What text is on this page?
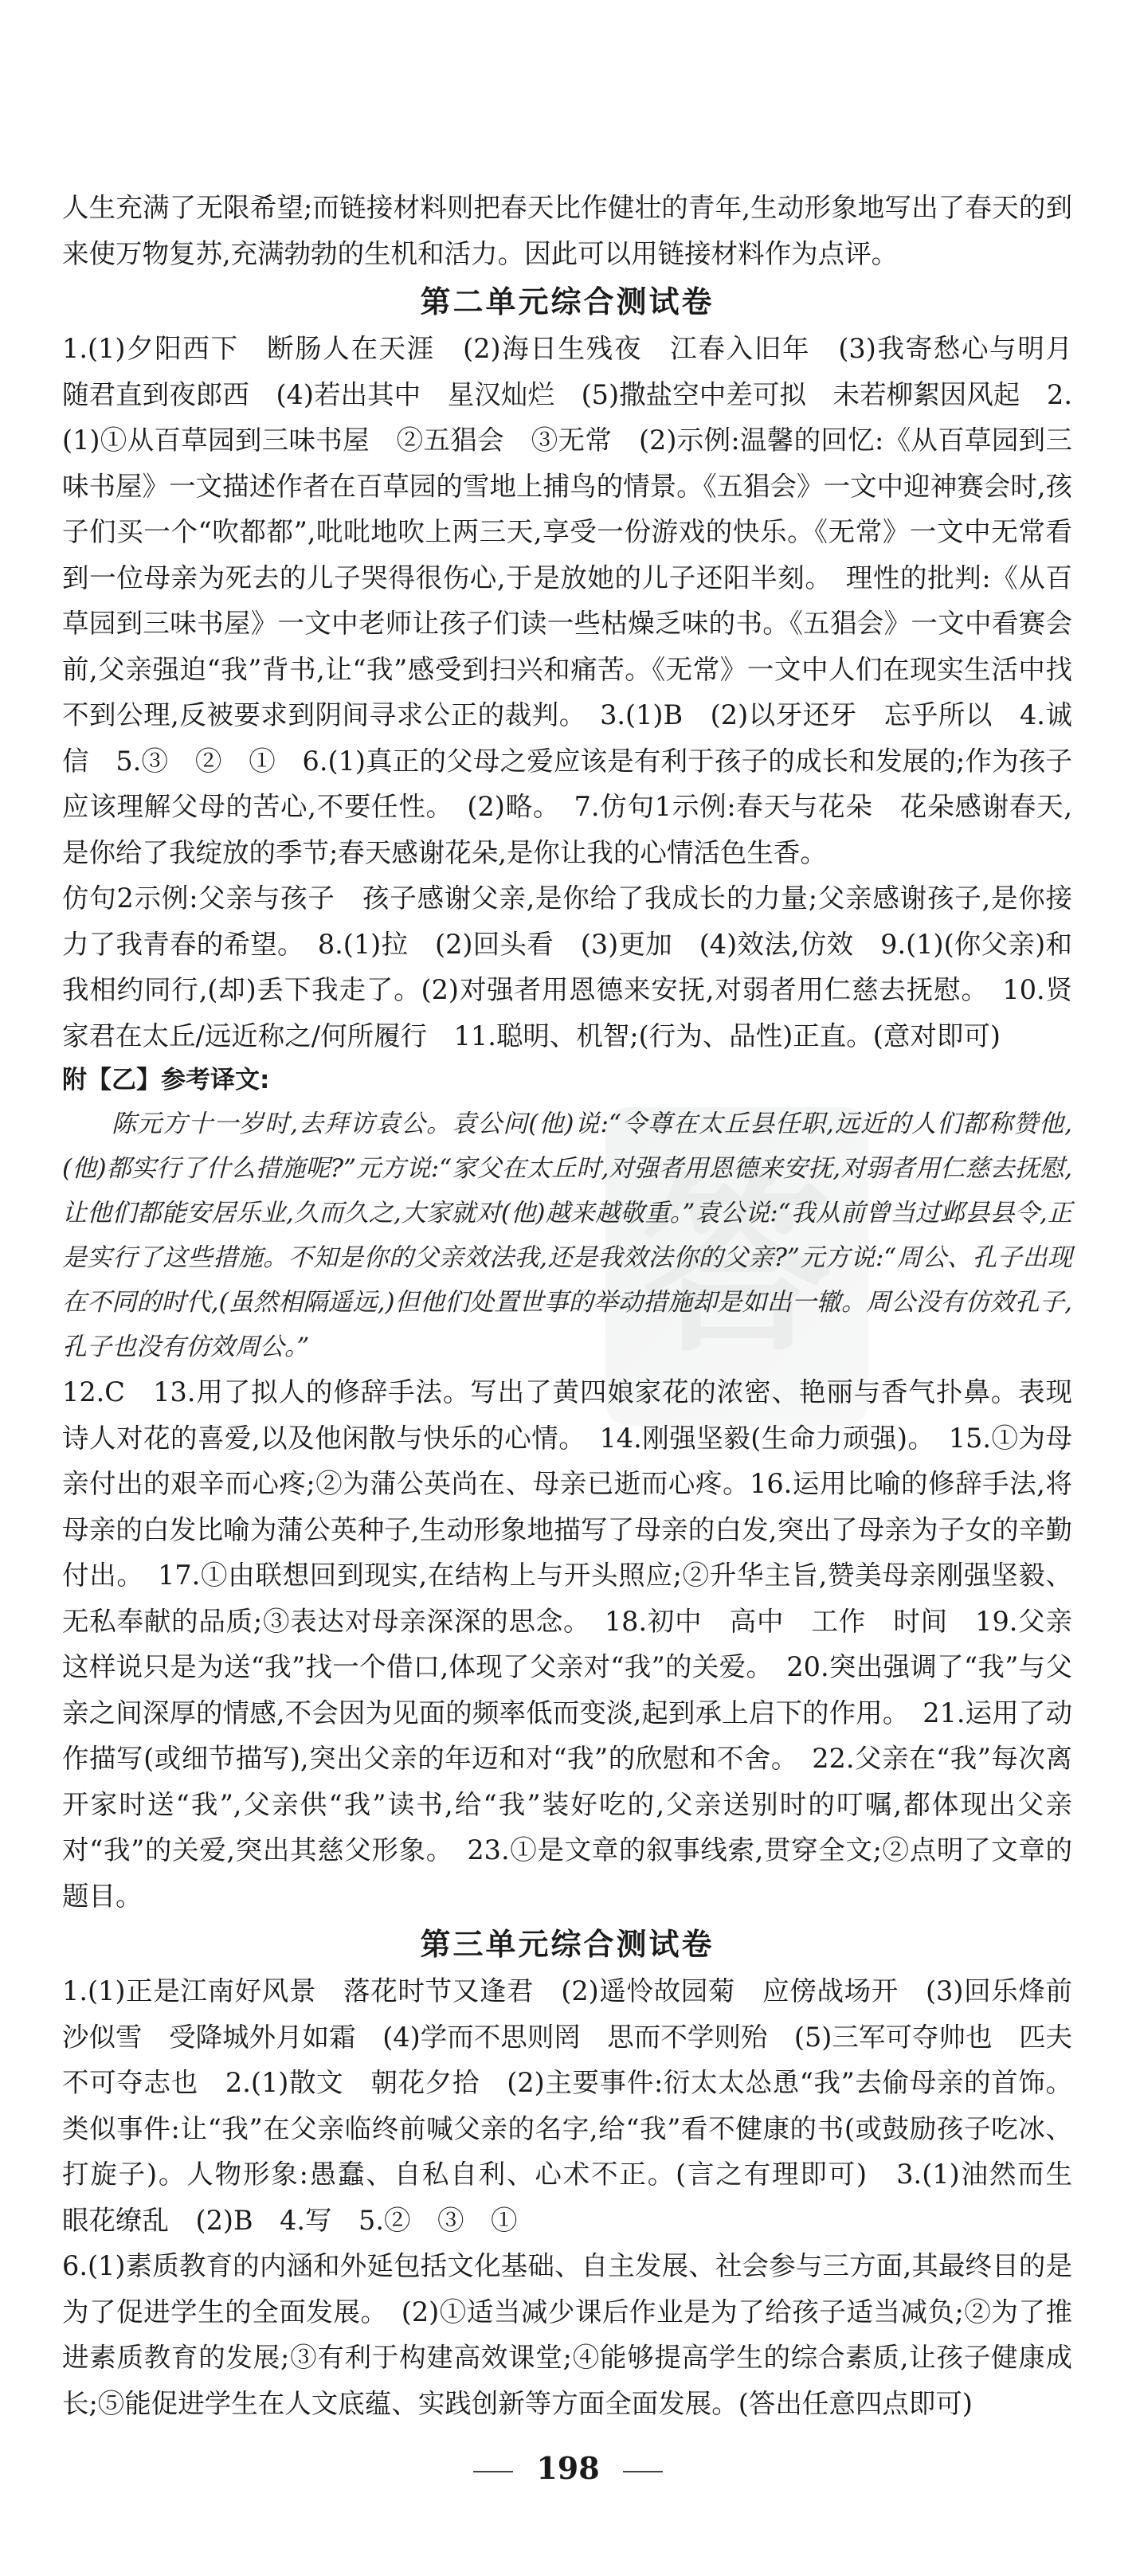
答

人生充满了无限希望;而链接材料则把春天比作健壮的青年,生动形象地写出了春天的到来使万物复苏,充满勃勃的生机和活力。因此可以用链接材料作为点评。

第二单元综合测试卷

1.(1)夕阳西下　断肠人在天涯　(2)海日生残夜　江春入旧年　(3)我寄愁心与明月　随君直到夜郎西　(4)若出其中　星汉灿烂　(5)撒盐空中差可拟　未若柳絮因风起　2.(1)①从百草园到三味书屋　②五猖会　③无常　(2)示例:温馨的回忆:《从百草园到三味书屋》一文描述作者在百草园的雪地上捕鸟的情景。《五猖会》一文中迎神赛会时,孩子们买一个“吹都都”,吡吡地吹上两三天,享受一份游戏的快乐。《无常》一文中无常看到一位母亲为死去的儿子哭得很伤心,于是放她的儿子还阳半刻。　理性的批判:《从百草园到三味书屋》一文中老师让孩子们读一些枯燥乏味的书。《五猖会》一文中看赛会前,父亲强迫“我”背书,让“我”感受到扫兴和痛苦。《无常》一文中人们在现实生活中找不到公理,反被要求到阴间寻求公正的裁判。　3.(1)B　(2)以牙还牙　忘乎所以　4.诚信　5.③　②　①　6.(1)真正的父母之爱应该是有利于孩子的成长和发展的;作为孩子应该理解父母的苦心,不要任性。　(2)略。　7.仿句1示例:春天与花朵　花朵感谢春天,是你给了我绽放的季节;春天感谢花朵,是你让我的心情活色生香。

仿句2示例:父亲与孩子　孩子感谢父亲,是你给了我成长的力量;父亲感谢孩子,是你接力了我青春的希望。　8.(1)拉　(2)回头看　(3)更加　(4)效法,仿效　9.(1)(你父亲)和我相约同行,(却)丢下我走了。(2)对强者用恩德来安抚,对弱者用仁慈去抚慰。　10.贤家君在太丘/远近称之/何所履行　11.聪明、机智;(行为、品性)正直。(意对即可)

附【乙】参考译文:

陈元方十一岁时,去拜访袁公。袁公问(他)说:“令尊在太丘县任职,远近的人们都称赞他,(他)都实行了什么措施呢?”元方说:“家父在太丘时,对强者用恩德来安抚,对弱者用仁慈去抚慰,让他们都能安居乐业,久而久之,大家就对(他)越来越敬重。”袁公说:“我从前曾当过邺县县令,正是实行了这些措施。不知是你的父亲效法我,还是我效法你的父亲?”元方说:“周公、孔子出现在不同的时代,(虽然相隔遥远,)但他们处置世事的举动措施却是如出一辙。周公没有仿效孔子,孔子也没有仿效周公。”

12.C　13.用了拟人的修辞手法。写出了黄四娘家花的浓密、艳丽与香气扑鼻。表现诗人对花的喜爱,以及他闲散与快乐的心情。　14.刚强坚毅(生命力顽强)。　15.①为母亲付出的艰辛而心疼;②为蒲公英尚在、母亲已逝而心疼。16.运用比喻的修辞手法,将母亲的白发比喻为蒲公英种子,生动形象地描写了母亲的白发,突出了母亲为子女的辛勤付出。　17.①由联想回到现实,在结构上与开头照应;②升华主旨,赞美母亲刚强坚毅、无私奉献的品质;③表达对母亲深深的思念。　18.初中　高中　工作　时间　19.父亲这样说只是为送“我”找一个借口,体现了父亲对“我”的关爱。　20.突出强调了“我”与父亲之间深厚的情感,不会因为见面的频率低而变淡,起到承上启下的作用。　21.运用了动作描写(或细节描写),突出父亲的年迈和对“我”的欣慰和不舍。　22.父亲在“我”每次离开家时送“我”,父亲供“我”读书,给“我”装好吃的,父亲送别时的叮嘱,都体现出父亲对“我”的关爱,突出其慈父形象。　23.①是文章的叙事线索,贯穿全文;②点明了文章的题目。

第三单元综合测试卷

1.(1)正是江南好风景　落花时节又逢君　(2)遥怜故园菊　应傍战场开　(3)回乐烽前沙似雪　受降城外月如霜　(4)学而不思则罔　思而不学则殆　(5)三军可夺帅也　匹夫不可夺志也　2.(1)散文　朝花夕拾　(2)主要事件:衍太太怂恿“我”去偷母亲的首饰。类似事件:让“我”在父亲临终前喊父亲的名字,给“我”看不健康的书(或鼓励孩子吃冰、打旋子)。人物形象:愚蠢、自私自利、心术不正。(言之有理即可)　3.(1)油然而生　眼花缭乱　(2)B　4.写　5.②　③　①

6.(1)素质教育的内涵和外延包括文化基础、自主发展、社会参与三方面,其最终目的是为了促进学生的全面发展。　(2)①适当减少课后作业是为了给孩子适当减负;②为了推进素质教育的发展;③有利于构建高效课堂;④能够提高学生的综合素质,让孩子健康成长;⑤能促进学生在人文底蕴、实践创新等方面全面发展。(答出任意四点即可)

198
